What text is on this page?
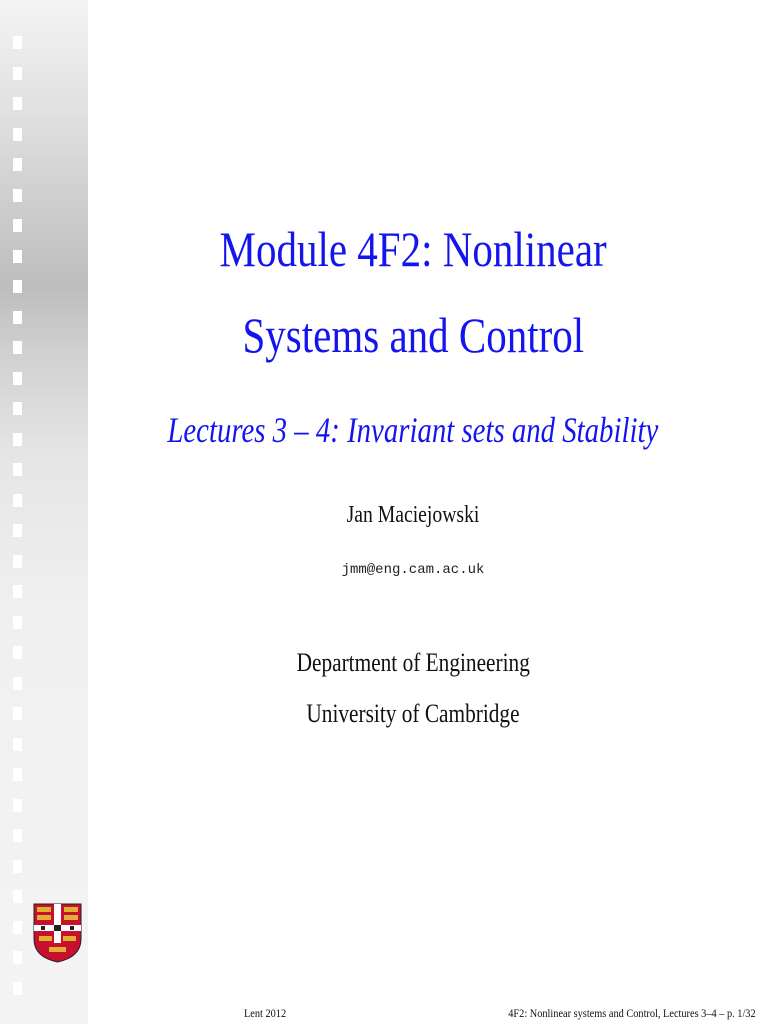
Module 4F2: Nonlinear
Systems and Control
Lectures 3 – 4: Invariant sets and Stability
Jan Maciejowski
jmm@eng.cam.ac.uk
Department of Engineering
University of Cambridge
Lent 2012	4F2: Nonlinear systems and Control, Lectures 3–4 – p. 1/32
